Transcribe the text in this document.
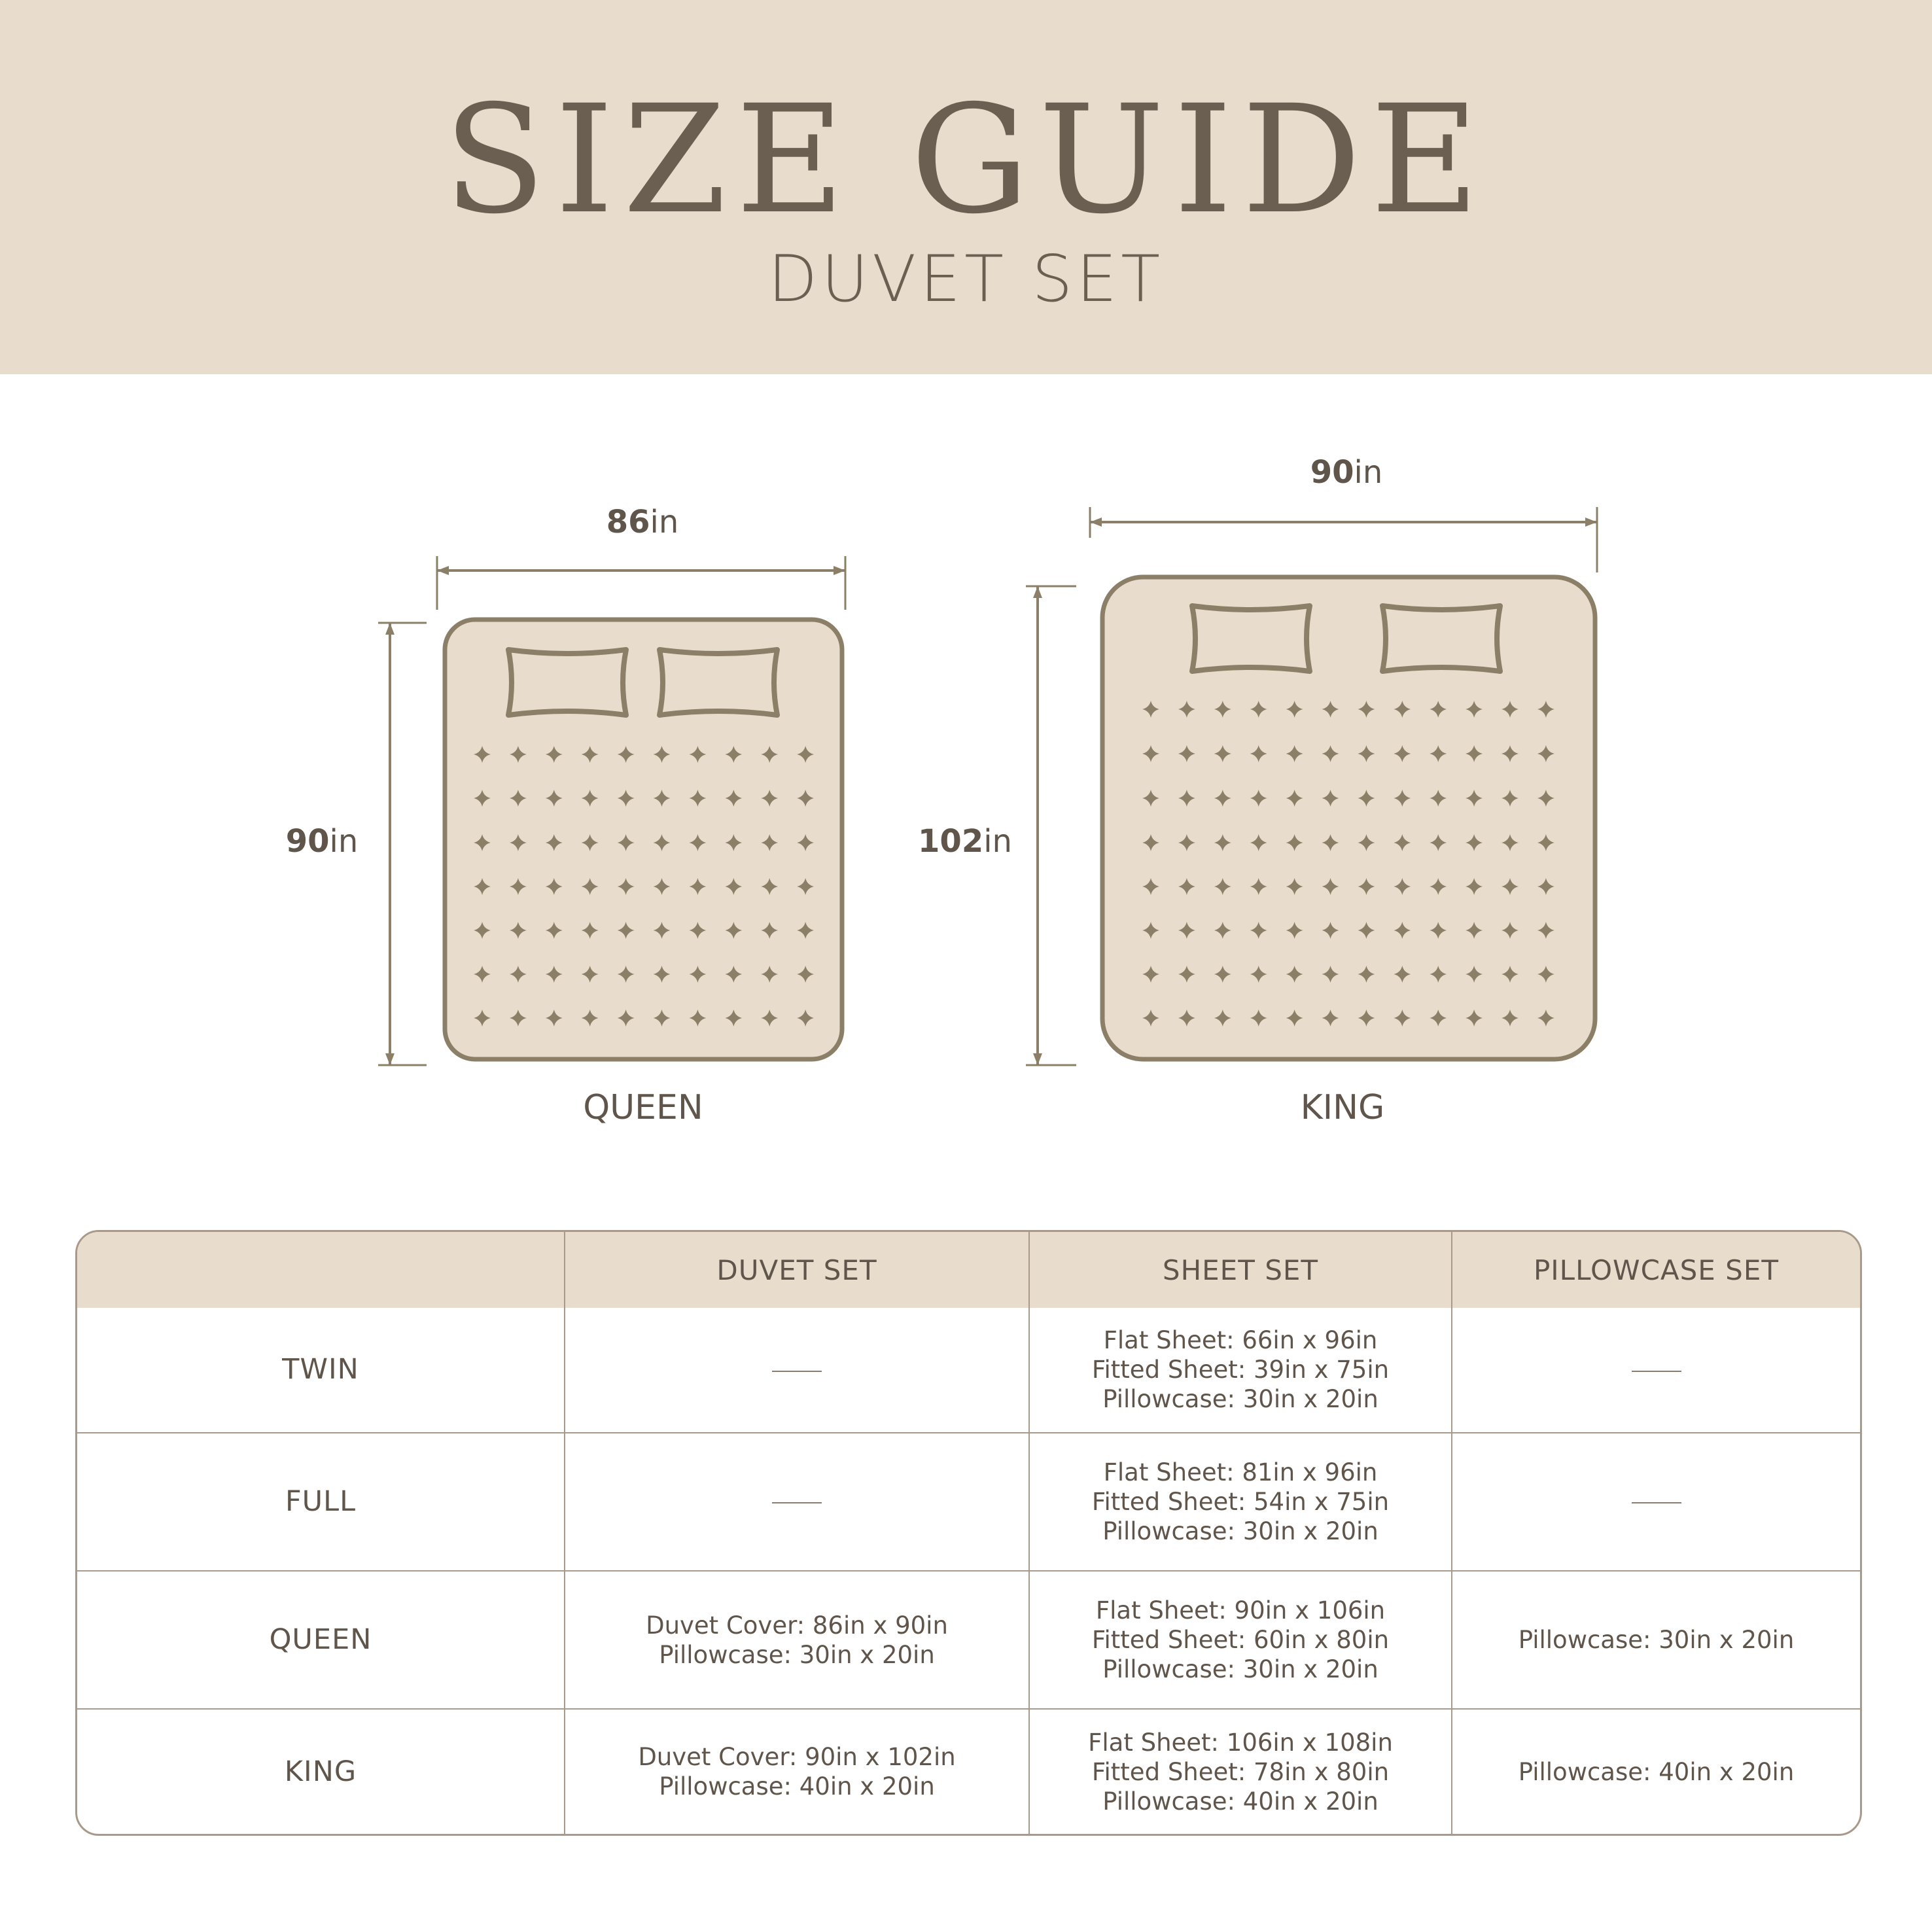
SIZE GUIDE
DUVET SET
86in
90in
QUEEN
90in
102in
KING
	DUVET SET	SHEET SET	PILLOWCASE SET
TWIN		Flat Sheet: 66in x 96in
Fitted Sheet: 39in x 75in
Pillowcase: 30in x 20in	

FULL		Flat Sheet: 81in x 96in
Fitted Sheet: 54in x 75in
Pillowcase: 30in x 20in	

QUEEN	Duvet Cover: 86in x 90in
Pillowcase: 30in x 20in	Flat Sheet: 90in x 106in
Fitted Sheet: 60in x 80in
Pillowcase: 30in x 20in	Pillowcase: 30in x 20in

KING	Duvet Cover: 90in x 102in
Pillowcase: 40in x 20in	Flat Sheet: 106in x 108in
Fitted Sheet: 78in x 80in
Pillowcase: 40in x 20in	Pillowcase: 40in x 20in
